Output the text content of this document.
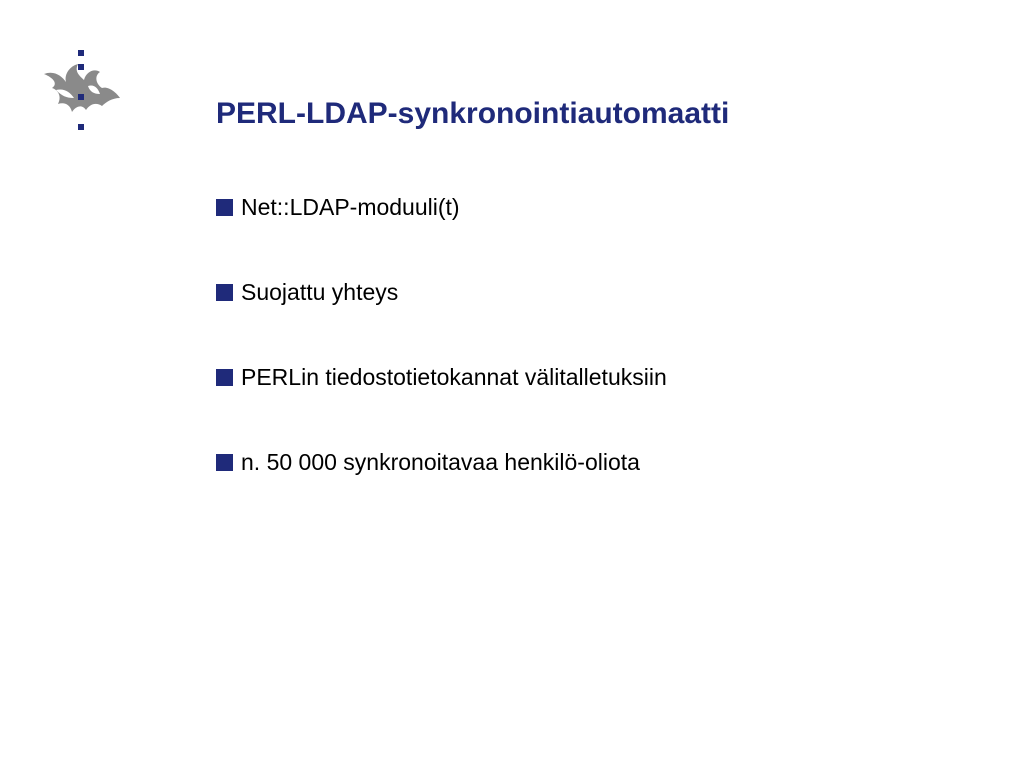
PERL-LDAP-synkronointiautomaatti
Net::LDAP-moduuli(t)
Suojattu yhteys
PERLin tiedostotietokannat välitalletuksiin
n. 50 000 synkronoitavaa henkilö-oliota
